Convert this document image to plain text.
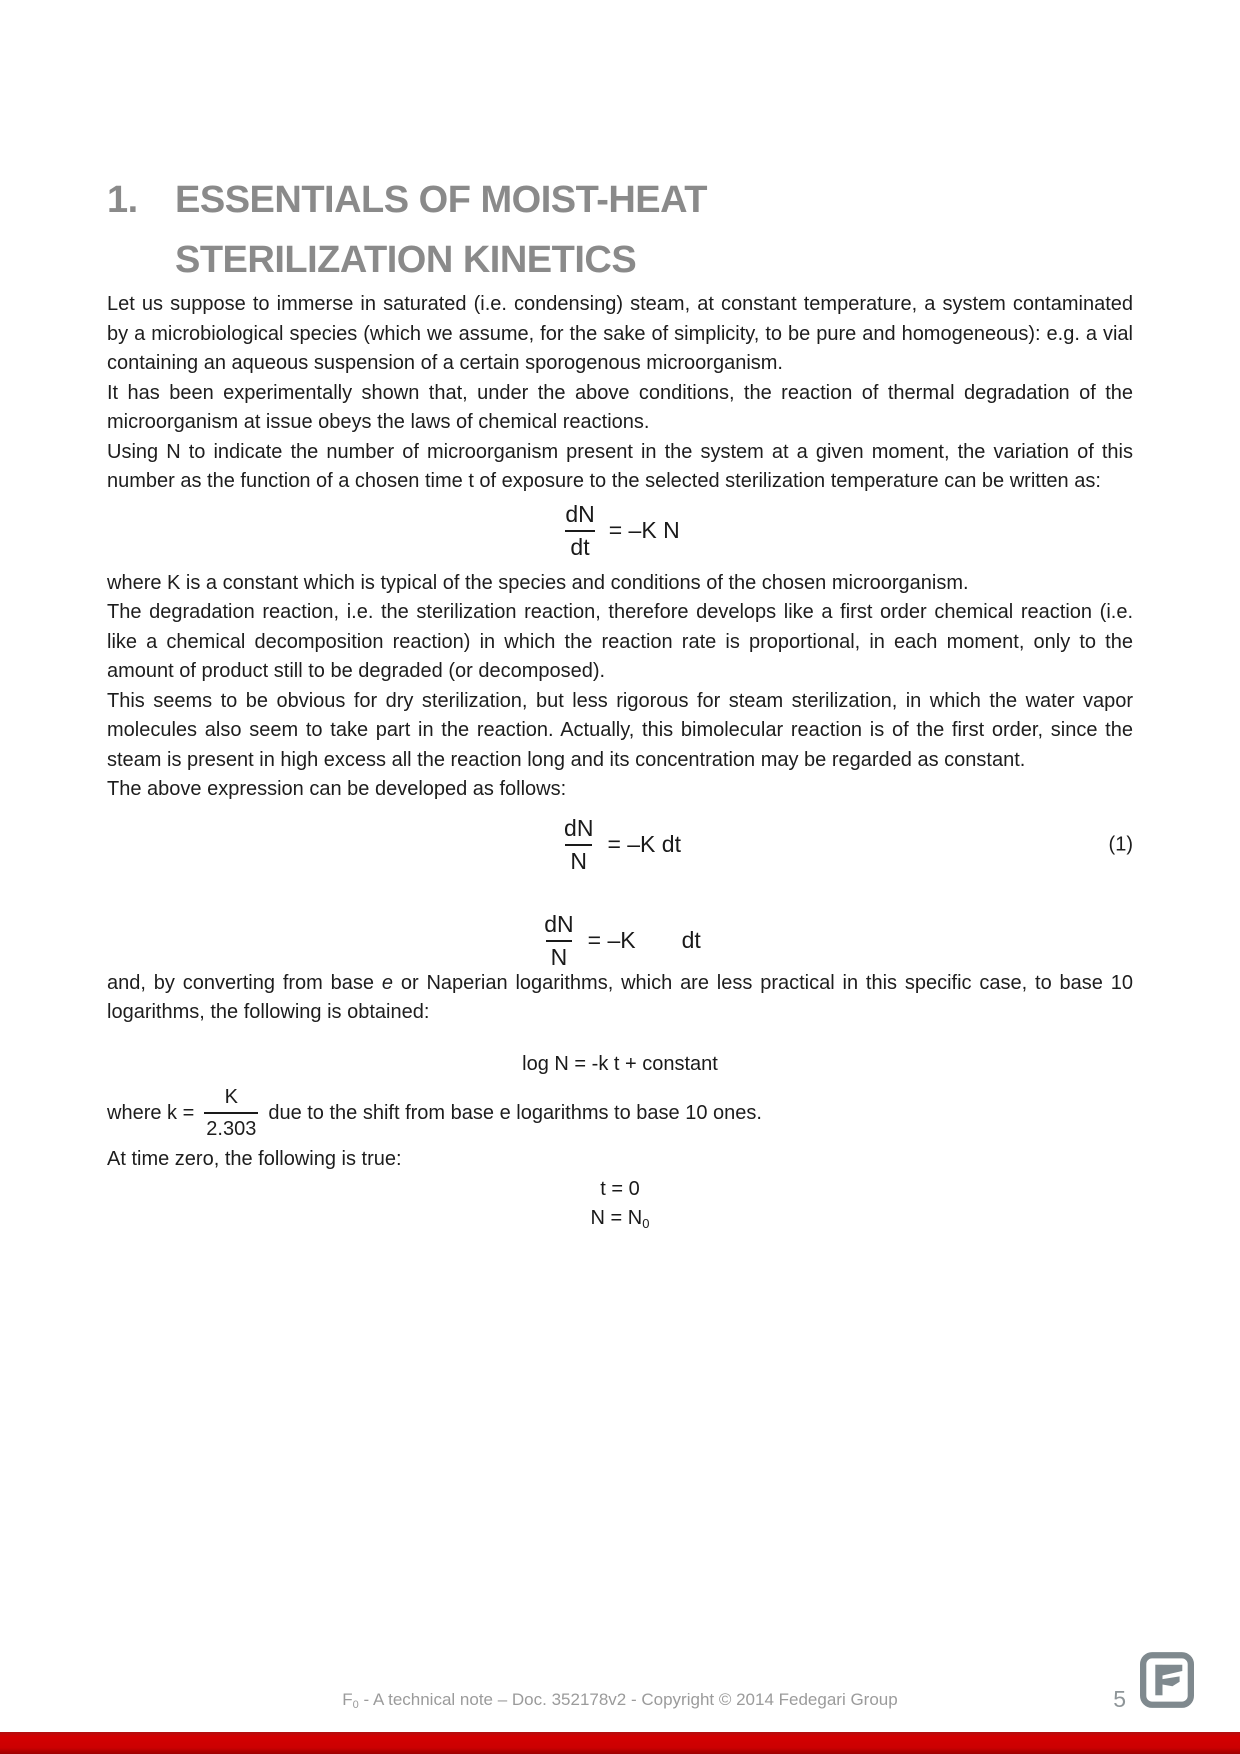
1. ESSENTIALS OF MOIST-HEAT
STERILIZATION KINETICS

Let us suppose to immerse in saturated (i.e. condensing) steam, at constant temperature, a system contaminated by a microbiological species (which we assume, for the sake of simplicity, to be pure and homogeneous): e.g. a vial containing an aqueous suspension of a certain sporogenous microorganism.

It has been experimentally shown that, under the above conditions, the reaction of thermal degradation of the microorganism at issue obeys the laws of chemical reactions.

Using N to indicate the number of microorganism present in the system at a given moment, the variation of this number as the function of a chosen time t of exposure to the selected sterilization temperature can be written as:

$\frac{dN}{dt} = -K$ N

where K is a constant which is typical of the species and conditions of the chosen microorganism.

The degradation reaction, i.e. the sterilization reaction, therefore develops like a first order chemical reaction (i.e. like a chemical decomposition reaction) in which the reaction rate is proportional, in each moment, only to the amount of product still to be degraded (or decomposed).

This seems to be obvious for dry sterilization, but less rigorous for steam sterilization, in which the water vapor molecules also seem to take part in the reaction. Actually, this bimolecular reaction is of the first order, since the steam is present in high excess all the reaction long and its concentration may be regarded as constant.

The above expression can be developed as follows:

$\frac{dN}{N} = -K$ dt	(1)
$\frac{dN}{N} = -K$ dt

and, by converting from base e or Naperian logarithms, which are less practical in this specific case, to base 10 logarithms, the following is obtained:

log N = -k t + constant
where $k = \frac{K}{2.303}$ due to the shift from base e logarithms to base 10 ones.

At time zero, the following is true:

t = 0
$N = N_0$
$F_0$ - A technical note – Doc. 352178v2 - Copyright © 2014 Fedegari Group	5
